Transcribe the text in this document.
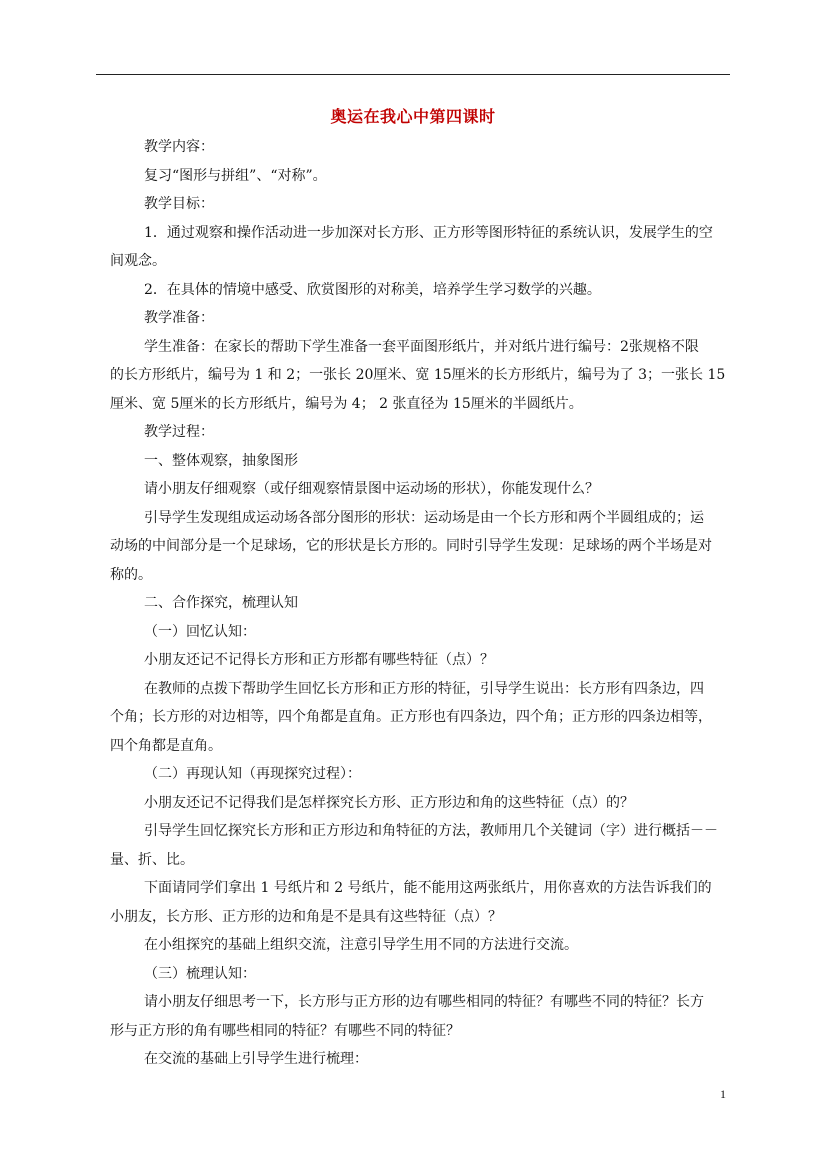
奥运在我心中第四课时
教学内容：
复习“图形与拼组”、“对称”。
教学目标：
1．通过观察和操作活动进一步加深对长方形、正方形等图形特征的系统认识，发展学生的空
间观念。
2．在具体的情境中感受、欣赏图形的对称美，培养学生学习数学的兴趣。
教学准备：
学生准备：在家长的帮助下学生准备一套平面图形纸片，并对纸片进行编号：2张规格不限
的长方形纸片，编号为 1 和 2；一张长 20厘米、宽 15厘米的长方形纸片，编号为了 3；一张长 15
厘米、宽 5厘米的长方形纸片，编号为 4； 2 张直径为 15厘米的半圆纸片。
教学过程：
一、整体观察，抽象图形
请小朋友仔细观察（或仔细观察情景图中运动场的形状），你能发现什么？
引导学生发现组成运动场各部分图形的形状：运动场是由一个长方形和两个半圆组成的；运
动场的中间部分是一个足球场，它的形状是长方形的。同时引导学生发现：足球场的两个半场是对
称的。
二、合作探究，梳理认知
（一）回忆认知：
小朋友还记不记得长方形和正方形都有哪些特征（点）？
在教师的点拨下帮助学生回忆长方形和正方形的特征，引导学生说出：长方形有四条边，四
个角；长方形的对边相等，四个角都是直角。正方形也有四条边，四个角；正方形的四条边相等，
四个角都是直角。
（二）再现认知（再现探究过程）：
小朋友还记不记得我们是怎样探究长方形、正方形边和角的这些特征（点）的？
引导学生回忆探究长方形和正方形边和角特征的方法，教师用几个关键词（字）进行概括－－
量、折、比。
下面请同学们拿出 1 号纸片和 2 号纸片，能不能用这两张纸片，用你喜欢的方法告诉我们的
小朋友，长方形、正方形的边和角是不是具有这些特征（点）？
在小组探究的基础上组织交流，注意引导学生用不同的方法进行交流。
（三）梳理认知：
请小朋友仔细思考一下，长方形与正方形的边有哪些相同的特征？有哪些不同的特征？长方
形与正方形的角有哪些相同的特征？有哪些不同的特征？
在交流的基础上引导学生进行梳理：
1
